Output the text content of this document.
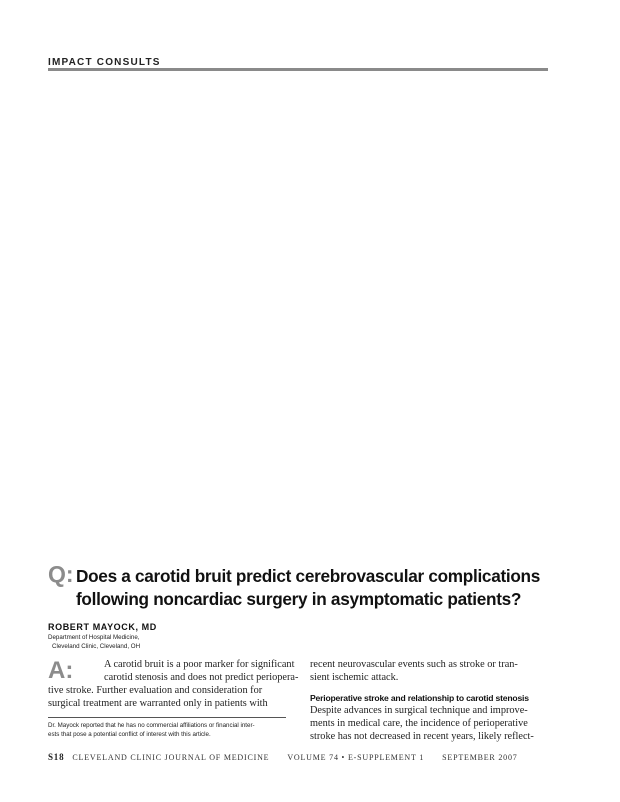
IMPACT CONSULTS
Q: Does a carotid bruit predict cerebrovascular complications
following noncardiac surgery in asymptomatic patients?
ROBERT MAYOCK, MD
Department of Hospital Medicine,
Cleveland Clinic, Cleveland, OH
A:	A carotid bruit is a poor marker for significant
carotid stenosis and does not predict periopera-
tive stroke. Further evaluation and consideration for
surgical treatment are warranted only in patients with
Dr. Mayock reported that he has no commercial affiliations or financial inter-
ests that pose a potential conflict of interest with this article.
recent neurovascular events such as stroke or tran-
sient ischemic attack.
Perioperative stroke and relationship to carotid stenosis
Despite advances in surgical technique and improve-
ments in medical care, the incidence of perioperative
stroke has not decreased in recent years, likely reflect-
S18 CLEVELAND CLINIC JOURNAL OF MEDICINE VOLUME 74 • E-SUPPLEMENT 1 SEPTEMBER 2007
